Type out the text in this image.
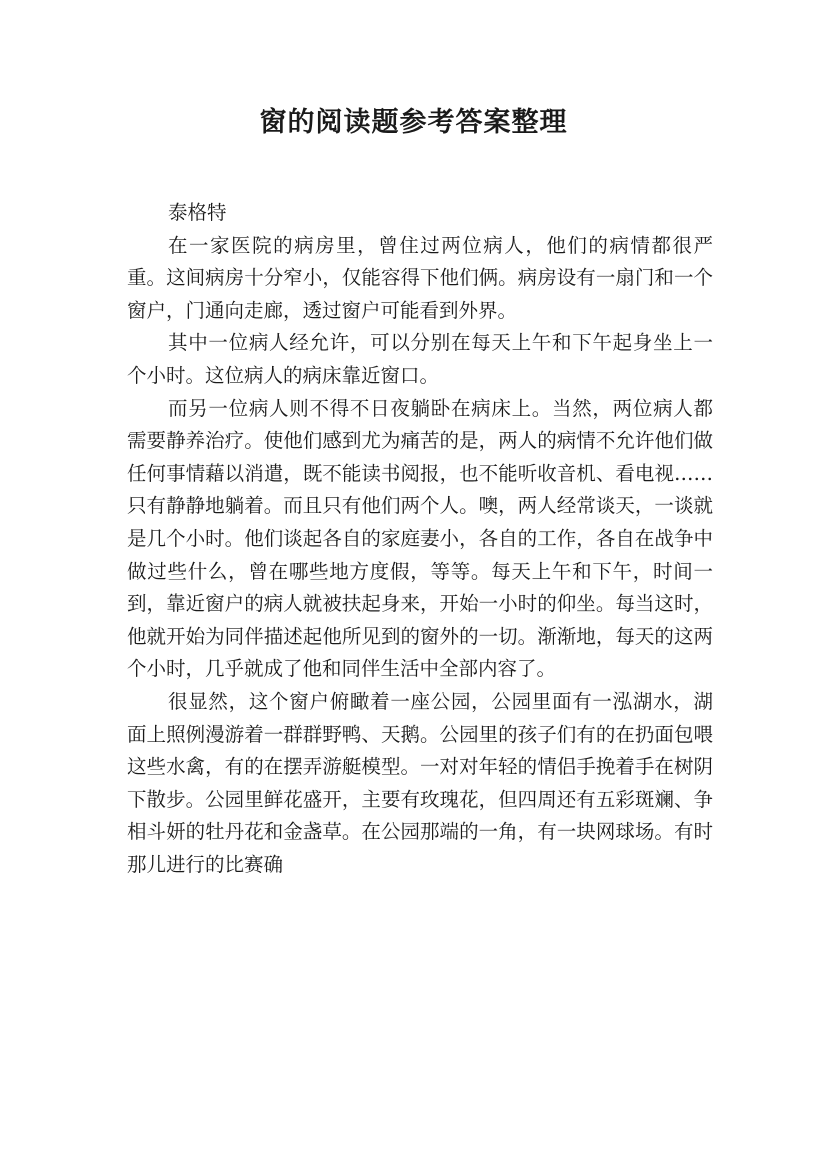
窗的阅读题参考答案整理

泰格特

在一家医院的病房里，曾住过两位病人，他们的病情都很严重。这间病房十分窄小，仅能容得下他们俩。病房设有一扇门和一个窗户，门通向走廊，透过窗户可能看到外界。

其中一位病人经允许，可以分别在每天上午和下午起身坐上一个小时。这位病人的病床靠近窗口。

而另一位病人则不得不日夜躺卧在病床上。当然，两位病人都需要静养治疗。使他们感到尤为痛苦的是，两人的病情不允许他们做任何事情藉以消遣，既不能读书阅报，也不能听收音机、看电视……只有静静地躺着。而且只有他们两个人。噢，两人经常谈天，一谈就是几个小时。他们谈起各自的家庭妻小，各自的工作，各自在战争中做过些什么，曾在哪些地方度假，等等。每天上午和下午，时间一到，靠近窗户的病人就被扶起身来，开始一小时的仰坐。每当这时，他就开始为同伴描述起他所见到的窗外的一切。渐渐地，每天的这两个小时，几乎就成了他和同伴生活中全部内容了。

很显然，这个窗户俯瞰着一座公园，公园里面有一泓湖水，湖面上照例漫游着一群群野鸭、天鹅。公园里的孩子们有的在扔面包喂这些水禽，有的在摆弄游艇模型。一对对年轻的情侣手挽着手在树阴下散步。公园里鲜花盛开，主要有玫瑰花，但四周还有五彩斑斓、争相斗妍的牡丹花和金盏草。在公园那端的一角，有一块网球场。有时那儿进行的比赛确
